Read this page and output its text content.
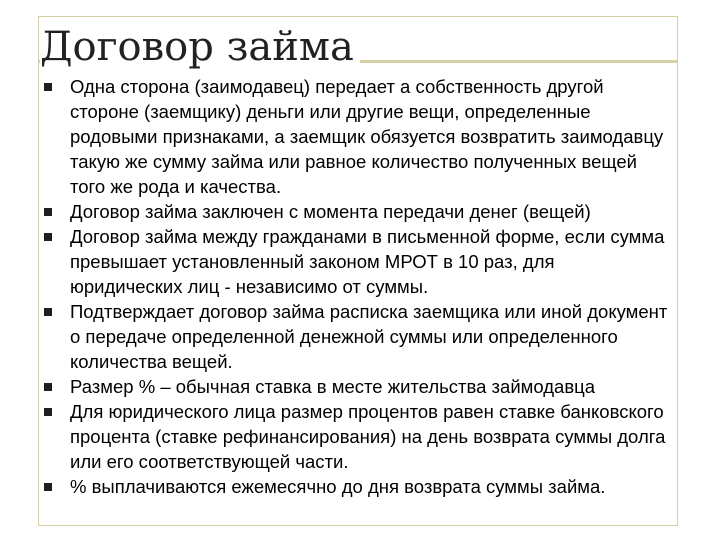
Договор займа
Одна сторона (заимодавец) передает а собственность другой стороне (заемщику) деньги или другие вещи, определенные родовыми признаками, а заемщик обязуется возвратить заимодавцу такую же сумму займа или равное количество полученных вещей того же рода и качества.
Договор займа заключен с момента передачи денег (вещей)
Договор займа между гражданами в письменной форме, если сумма превышает установленный законом МРОТ в 10 раз, для юридических лиц - независимо от суммы.
Подтверждает договор займа расписка заемщика или иной документ о передаче определенной денежной суммы или определенного количества вещей.
Размер % – обычная ставка в месте жительства займодавца
Для юридического лица размер процентов равен ставке банковского процента (ставке рефинансирования) на день возврата суммы долга или его соответствующей части.
% выплачиваются ежемесячно до дня возврата суммы займа.
